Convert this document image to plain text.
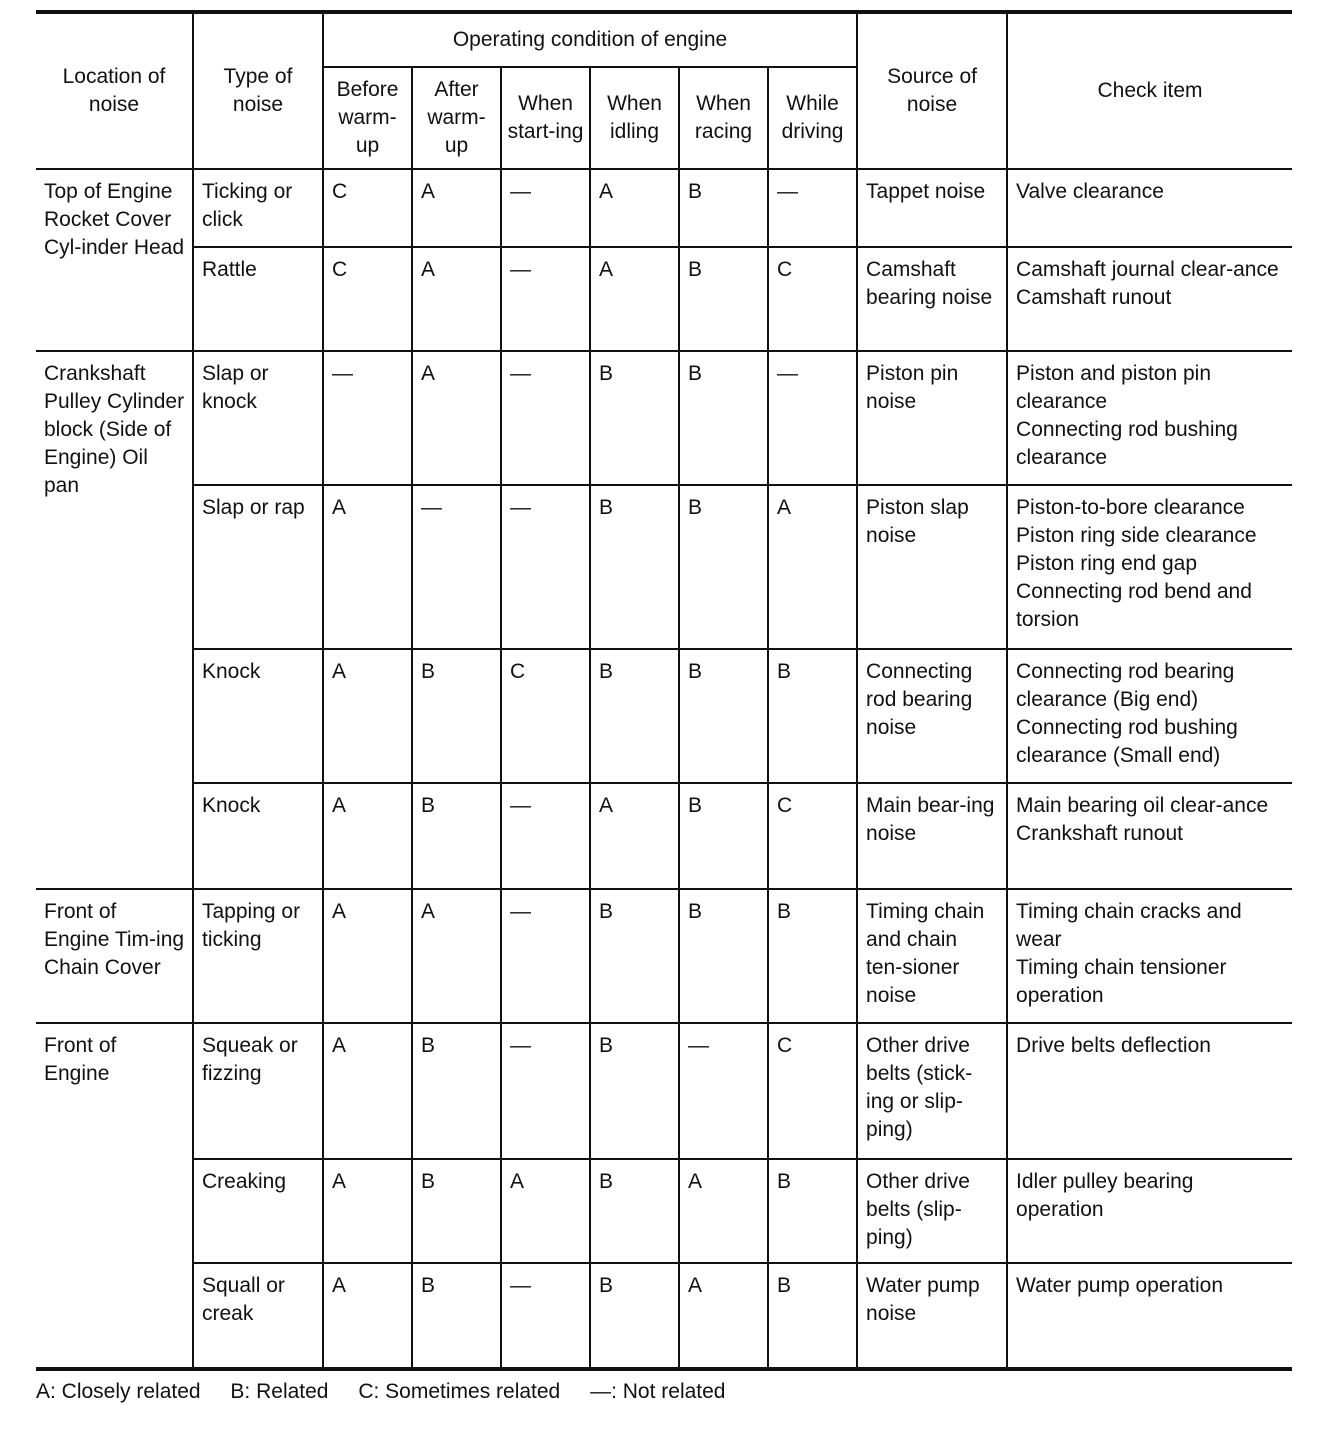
Location of noise	Type of noise	Operating condition of engine						Source of noise	Check item
		Before warm-up	After warm-up	When start-ing	When idling	When racing	While driving		
Top of Engine Rocket Cover Cyl-inder Head	Ticking or click	C	A	—	A	B	—	Tappet noise	Valve clearance
	Rattle	C	A	—	A	B	C	Camshaft bearing noise	Camshaft journal clear-ance
Camshaft runout
Crankshaft Pulley Cylinder block (Side of Engine) Oil pan	Slap or knock	—	A	—	B	B	—	Piston pin noise	Piston and piston pin clearance
Connecting rod bushing clearance
	Slap or rap	A	—	—	B	B	A	Piston slap noise	Piston-to-bore clearance
Piston ring side clearance
Piston ring end gap
Connecting rod bend and torsion
	Knock	A	B	C	B	B	B	Connecting rod bearing noise	Connecting rod bearing clearance (Big end)
Connecting rod bushing clearance (Small end)
	Knock	A	B	—	A	B	C	Main bear-ing noise	Main bearing oil clear-ance
Crankshaft runout
Front of Engine Tim-ing Chain Cover	Tapping or ticking	A	A	—	B	B	B	Timing chain and chain ten-sioner noise	Timing chain cracks and wear
Timing chain tensioner operation
Front of Engine	Squeak or fizzing	A	B	—	B	—	C	Other drive belts (stick-ing or slip-ping)	Drive belts deflection
	Creaking	A	B	A	B	A	B	Other drive belts (slip-ping)	Idler pulley bearing operation
	Squall or creak	A	B	—	B	A	B	Water pump noise	Water pump operation
A: Closely related B: Related C: Sometimes related —: Not related
